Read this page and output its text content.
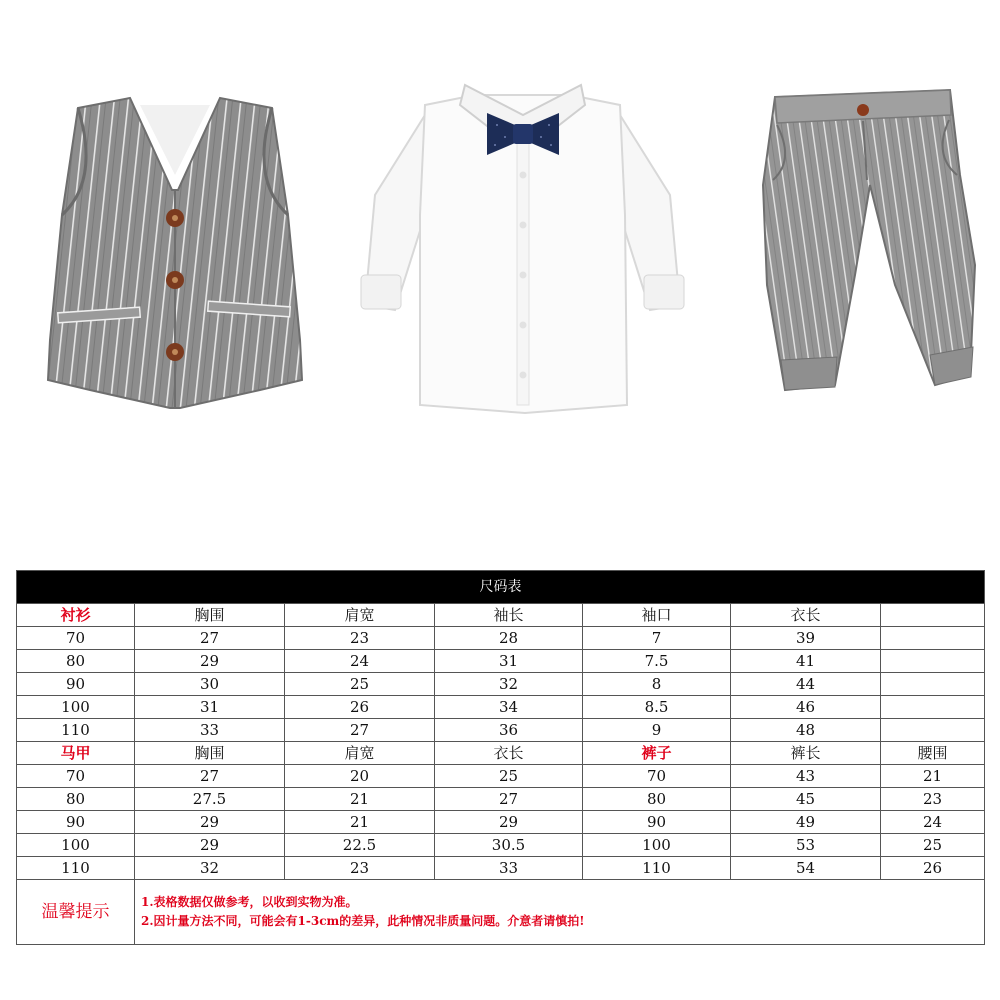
尺码表						
衬衫	胸围	肩宽	袖长	袖口	衣长	
70	27	23	28	7	39	
80	29	24	31	7.5	41	
90	30	25	32	8	44	
100	31	26	34	8.5	46	
110	33	27	36	9	48	
马甲	胸围	肩宽	衣长	裤子	裤长	腰围
70	27	20	25	70	43	21
80	27.5	21	27	80	45	23
90	29	21	29	90	49	24
100	29	22.5	30.5	100	53	25
110	32	23	33	110	54	26
温馨提示	1.表格数据仅做参考，以收到实物为准。
2.因计量方法不同，可能会有1-3cm的差异，此种情况非质量问题。介意者请慎拍!					
